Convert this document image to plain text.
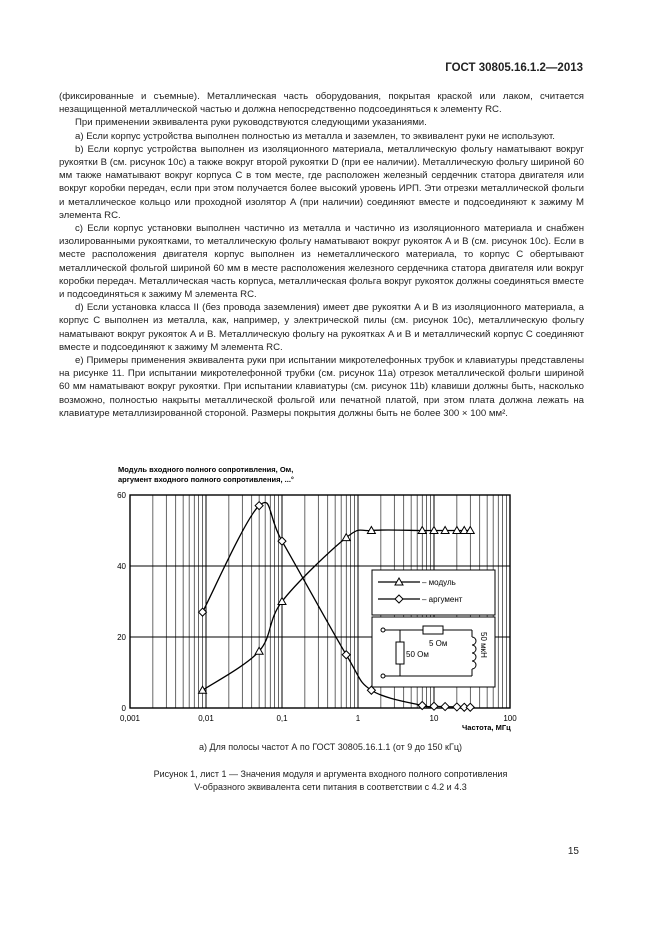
ГОСТ 30805.16.1.2—2013

(фиксированные и съемные). Металлическая часть оборудования, покрытая краской или лаком, считается незащищенной металлической частью и должна непосредственно подсоединяться к элементу RC.

При применении эквивалента руки руководствуются следующими указаниями.

a) Если корпус устройства выполнен полностью из металла и заземлен, то эквивалент руки не используют.

b) Если корпус устройства выполнен из изоляционного материала, металлическую фольгу наматывают вокруг рукоятки B (см. рисунок 10c) а также вокруг второй рукоятки D (при ее наличии). Металлическую фольгу шириной 60 мм также наматывают вокруг корпуса C в том месте, где расположен железный сердечник статора двигателя или вокруг коробки передач, если при этом получается более высокий уровень ИРП. Эти отрезки металлической фольги и металлическое кольцо или проходной изолятор A (при наличии) соединяют вместе и подсоединяют к зажиму M элемента RC.

c) Если корпус установки выполнен частично из металла и частично из изоляционного материала и снабжен изолированными рукоятками, то металлическую фольгу наматывают вокруг рукояток A и B (см. рисунок 10c). Если в месте расположения двигателя корпус выполнен из неметаллического материала, то корпус C обертывают металлической фольгой шириной 60 мм в месте расположения железного сердечника статора двигателя или вокруг коробки передач. Металлическая часть корпуса, металлическая фольга вокруг рукояток должны соединяться вместе и подсоединяться к зажиму M элемента RC.

d) Если установка класса II (без провода заземления) имеет две рукоятки A и B из изоляционного материала, а корпус C выполнен из металла, как, например, у электрической пилы (см. рисунок 10c), металлическую фольгу наматывают вокруг рукояток A и B. Металлическую фольгу на рукоятках A и B и металлический корпус C соединяют вместе и подсоединяют к зажиму M элемента RC.

e) Примеры применения эквивалента руки при испытании микротелефонных трубок и клавиатуры представлены на рисунке 11. При испытании микротелефонной трубки (см. рисунок 11a) отрезок металлической фольги шириной 60 мм наматывают вокруг рукоятки. При испытании клавиатуры (см. рисунок 11b) клавиши должны быть, насколько возможно, полностью накрыты металлической фольгой или печатной платой, при этом плата должна лежать на клавиатуре металлизированной стороной. Размеры покрытия должны быть не более 300 × 100 мм².

Модуль входного полного сопротивления, Ом,
аргумент входного полного сопротивления, ...°
0,001	0,01	0,1	1	10	100
0
20
40
60
Частота, МГц
– модуль
– аргумент
5 Ом
50 Ом	50 мкН
а) Для полосы частот А по ГОСТ 30805.16.1.1 (от 9 до 150 кГц)
Рисунок 1, лист 1 — Значения модуля и аргумента входного полного сопротивления
V-образного эквивалента сети питания в соответствии с 4.2 и 4.3
15
